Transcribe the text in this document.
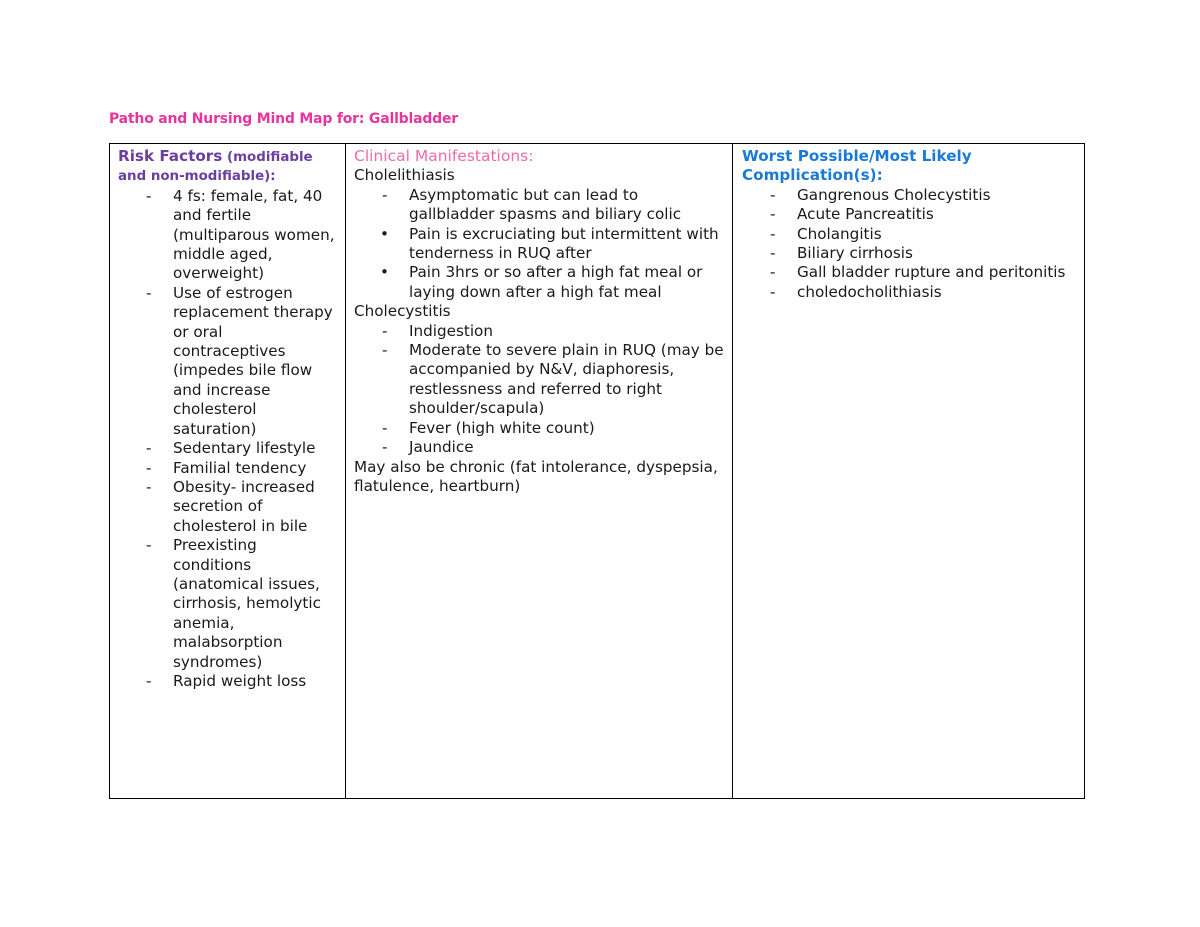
Patho and Nursing Mind Map for: Gallbladder
Risk Factors (modifiable
and non-modifiable):
- 4 fs: female, fat, 40 and fertile (multiparous women, middle aged, overweight)
- Use of estrogen replacement therapy or oral contraceptives (impedes bile flow and increase cholesterol saturation)
- Sedentary lifestyle
- Familial tendency
- Obesity- increased secretion of cholesterol in bile
- Preexisting conditions (anatomical issues, cirrhosis, hemolytic anemia, malabsorption syndromes)
- Rapid weight loss
Clinical Manifestations:
Cholelithiasis
- Asymptomatic but can lead to gallbladder spasms and biliary colic
• Pain is excruciating but intermittent with tenderness in RUQ after
• Pain 3hrs or so after a high fat meal or laying down after a high fat meal
Cholecystitis
- Indigestion
- Moderate to severe plain in RUQ (may be accompanied by N&V, diaphoresis, restlessness and referred to right shoulder/scapula)
- Fever (high white count)
- Jaundice
May also be chronic (fat intolerance, dyspepsia, flatulence, heartburn)
Worst Possible/Most Likely Complication(s):
- Gangrenous Cholecystitis
- Acute Pancreatitis
- Cholangitis
- Biliary cirrhosis
- Gall bladder rupture and peritonitis
- choledocholithiasis
